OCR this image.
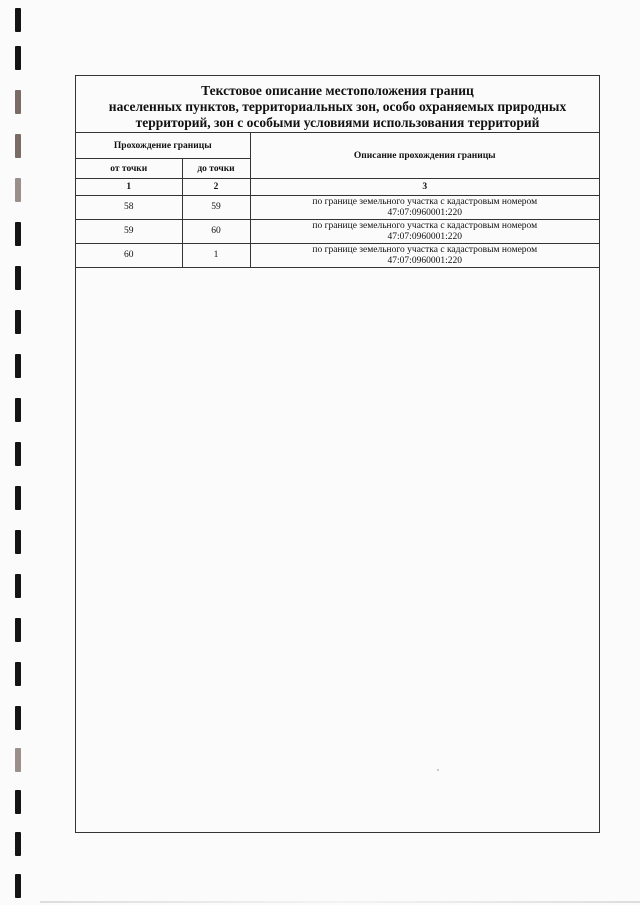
Текстовое описание местоположения границ
населенных пунктов, территориальных зон, особо охраняемых природных
территорий, зон с особыми условиями использования территорий
Прохождение границы		Описание прохождения границы
от точки	до точки	
1	2	3
58	59	по границе земельного участка с кадастровым номером
47:07:0960001:220

59	60	по границе земельного участка с кадастровым номером
47:07:0960001:220

60	1	по границе земельного участка с кадастровым номером
47:07:0960001:220
